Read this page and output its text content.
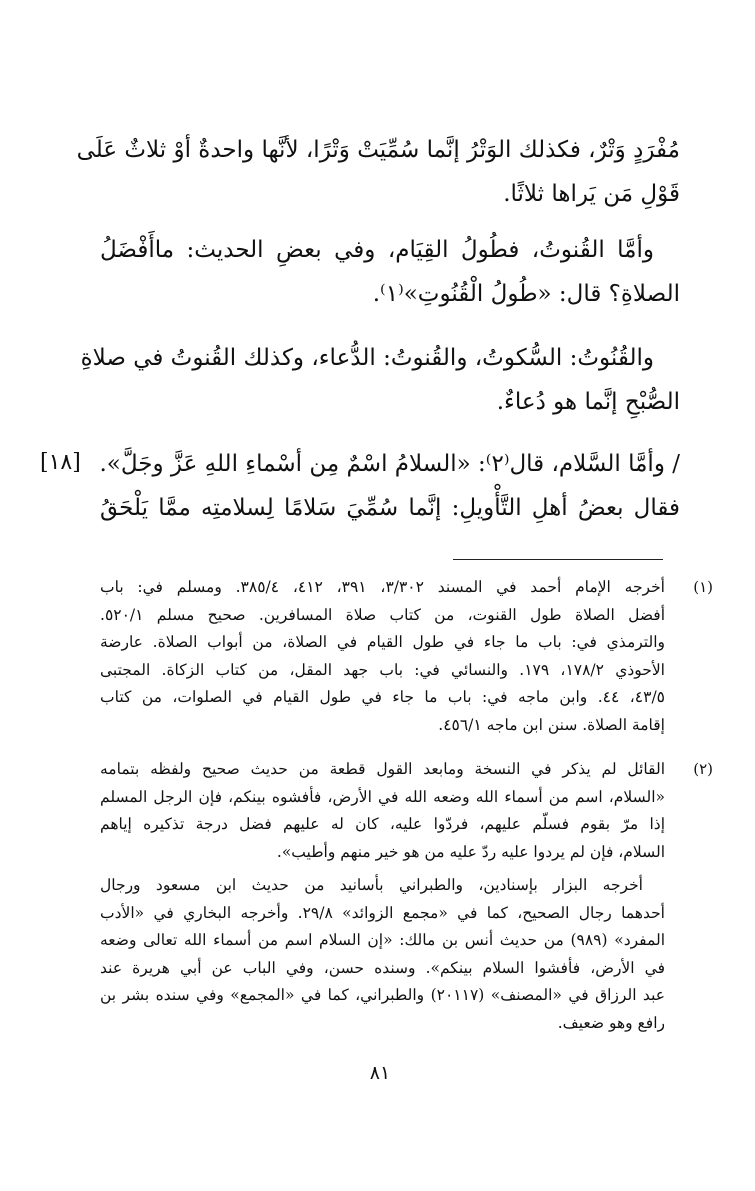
[١٨]
مُفْرَدٍ وَتْرٌ، فكذلك الوَتْرُ إنَّما سُمِّيَتْ وَتْرًا، لأنَّها واحدةٌ أوْ ثلاثٌ عَلَى
قَوْلِ مَن يَراها ثلاثًا.
وأمَّا القُنوتُ، فطُولُ القِيَام، وفي بعضِ الحديث: ماأَفْضَلُ
الصلاةِ؟ قال: «طُولُ الْقُنُوتِ»⁽١⁾.
والقُنُوتُ: السُّكوتُ، والقُنوتُ: الدُّعاء، وكذلك القُنوتُ في صلاةِ
الصُّبْحِ إنَّما هو دُعاءٌ.
/ وأمَّا السَّلام، قال⁽٢⁾: «السلامُ اسْمٌ مِن أسْماءِ اللهِ عَزَّ وجَلَّ».
فقال بعضُ أهلِ التَّأْويلِ: إنَّما سُمِّيَ سَلامًا لِسلامتِه ممَّا يَلْحَقُ
(١)
أخرجه الإمام أحمد في المسند ٣/٣٠٢، ٣٩١، ٤١٢، ٣٨٥/٤. ومسلم في: باب
أفضل الصلاة طول القنوت، من كتاب صلاة المسافرين. صحيح مسلم ٥٢٠/١.
والترمذي في: باب ما جاء في طول القيام في الصلاة، من أبواب الصلاة. عارضة
الأحوذي ١٧٨/٢، ١٧٩. والنسائي في: باب جهد المقل، من كتاب الزكاة. المجتبى
٤٣/٥، ٤٤. وابن ماجه في: باب ما جاء في طول القيام في الصلوات، من كتاب
إقامة الصلاة. سنن ابن ماجه ٤٥٦/١.
(٢)
القائل لم يذكر في النسخة ومابعد القول قطعة من حديث صحيح ولفظه بتمامه
«السلام، اسم من أسماء الله وضعه الله في الأرض، فأفشوه بينكم، فإن الرجل المسلم
إذا مرّ بقوم فسلّم عليهم، فردّوا عليه، كان له عليهم فضل درجة تذكيره إياهم
السلام، فإن لم يردوا عليه ردّ عليه من هو خير منهم وأطيب».
أخرجه البزار بإسنادين، والطبراني بأسانيد من حديث ابن مسعود ورجال
أحدهما رجال الصحيح، كما في «مجمع الزوائد» ٢٩/٨. وأخرجه البخاري في «الأدب
المفرد» (٩٨٩) من حديث أنس بن مالك: «إن السلام اسم من أسماء الله تعالى وضعه
في الأرض، فأفشوا السلام بينكم». وسنده حسن، وفي الباب عن أبي هريرة عند
عبد الرزاق في «المصنف» (٢٠١١٧) والطبراني، كما في «المجمع» وفي سنده بشر بن
رافع وهو ضعيف.
٨١
